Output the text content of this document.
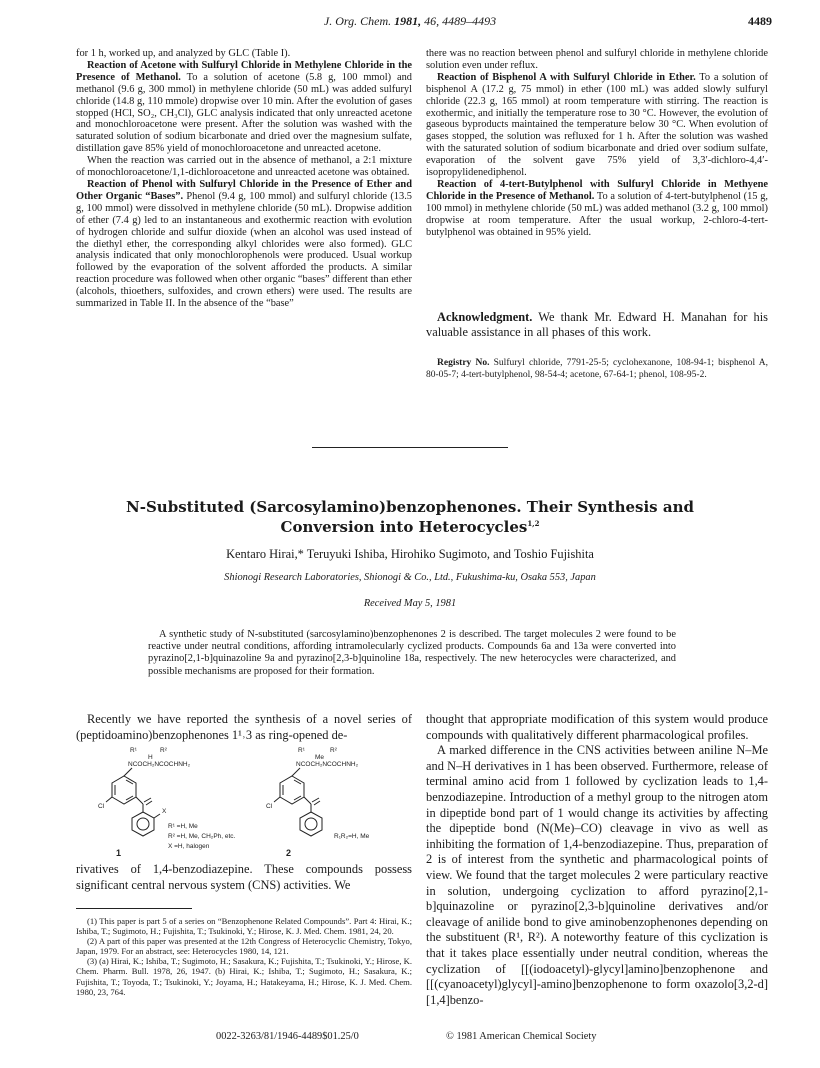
J. Org. Chem. 1981, 46, 4489–4493	4489

for 1 h, worked up, and analyzed by GLC (Table I).

Reaction of Acetone with Sulfuryl Chloride in Methylene Chloride in the Presence of Methanol. To a solution of acetone (5.8 g, 100 mmol) and methanol (9.6 g, 300 mmol) in methylene chloride (50 mL) was added sulfuryl chloride (14.8 g, 110 mmole) dropwise over 10 min. After the evolution of gases stopped (HCl, SO₂, CH₃Cl), GLC analysis indicated that only unreacted acetone and monochloroacetone were present. After the solution was washed with the saturated solution of sodium bicarbonate and dried over the magnesium sulfate, distillation gave 85% yield of monochloroacetone and unreacted acetone.

When the reaction was carried out in the absence of methanol, a 2:1 mixture of monochloroacetone/1,1-dichloroacetone and unreacted acetone was obtained.

Reaction of Phenol with Sulfuryl Chloride in the Presence of Ether and Other Organic “Bases”. Phenol (9.4 g, 100 mmol) and sulfuryl chloride (13.5 g, 100 mmol) were dissolved in methylene chloride (50 mL). Dropwise addition of ether (7.4 g) led to an instantaneous and exothermic reaction with evolution of hydrogen chloride and sulfur dioxide (when an alcohol was used instead of the diethyl ether, the corresponding alkyl chlorides were also formed). GLC analysis indicated that only monochlorophenols were produced. Usual workup followed by the evaporation of the solvent afforded the products. A similar reaction procedure was followed when other organic “bases” different than ether (alcohols, thioethers, sulfoxides, and crown ethers) were used. The results are summarized in Table II. In the absence of the “base”

there was no reaction between phenol and sulfuryl chloride in methylene chloride solution even under reflux.

Reaction of Bisphenol A with Sulfuryl Chloride in Ether. To a solution of bisphenol A (17.2 g, 75 mmol) in ether (100 mL) was added slowly sulfuryl chloride (22.3 g, 165 mmol) at room temperature with stirring. The reaction is exothermic, and initially the temperature rose to 30 °C. However, the evolution of gaseous byproducts maintained the temperature below 30 °C. When evolution of gases stopped, the solution was refluxed for 1 h. After the solution was washed with the saturated solution of sodium bicarbonate and dried over sodium sulfate, evaporation of the solvent gave 75% yield of 3,3′-dichloro-4,4′-isopropylidenediphenol.

Reaction of 4-tert-Butylphenol with Sulfuryl Chloride in Methyene Chloride in the Presence of Methanol. To a solution of 4-tert-butylphenol (15 g, 100 mmol) in methylene chloride (50 mL) was added methanol (3.2 g, 100 mmol) dropwise at room temperature. After the usual workup, 2-chloro-4-tert-butylphenol was obtained in 95% yield.

Acknowledgment. We thank Mr. Edward H. Manahan for his valuable assistance in all phases of this work.
Registry No. Sulfuryl chloride, 7791-25-5; cyclohexanone, 108-94-1; bisphenol A, 80-05-7; 4-tert-butylphenol, 98-54-4; acetone, 67-64-1; phenol, 108-95-2.
N-Substituted (Sarcosylamino)benzophenones. Their Synthesis and
Conversion into Heterocycles$^{1,2}$
Kentaro Hirai,* Teruyuki Ishiba, Hirohiko Sugimoto, and Toshio Fujishita
Shionogi Research Laboratories, Shionogi & Co., Ltd., Fukushima-ku, Osaka 553, Japan
Received May 5, 1981
A synthetic study of N-substituted (sarcosylamino)benzophenones 2 is described. The target molecules 2 were found to be reactive under neutral conditions, affording intramolecularly cyclized products. Compounds 6a and 13a were converted into pyrazino[2,1-b]quinazoline 9a and pyrazino[2,3-b]quinoline 18a, respectively. The new heterocycles were characterized, and possible mechanisms are proposed for their formation.
Recently we have reported the synthesis of a novel series of (peptidoamino)benzophenones 1¹˒3 as ring-opened de-
R¹
H
R²
NCOCH₂NCOCHNH₂
Cl
X
R¹ =H, Me
R² =H, Me, CH₂Ph, etc.
X =H, halogen
R¹
Me
R²
NCOCH₂NCOCHNH₂
Cl
R₁R₂=H, Me
1	2
rivatives of 1,4-benzodiazepine. These compounds possess significant central nervous system (CNS) activities. We

(1) This paper is part 5 of a series on “Benzophenone Related Compounds”. Part 4: Hirai, K.; Ishiba, T.; Sugimoto, H.; Fujishita, T.; Tsukinoki, Y.; Hirose, K. J. Med. Chem. 1981, 24, 20.

(2) A part of this paper was presented at the 12th Congress of Heterocyclic Chemistry, Tokyo, Japan, 1979. For an abstract, see: Heterocycles 1980, 14, 121.

(3) (a) Hirai, K.; Ishiba, T.; Sugimoto, H.; Sasakura, K.; Fujishita, T.; Tsukinoki, Y.; Hirose, K. Chem. Pharm. Bull. 1978, 26, 1947. (b) Hirai, K.; Ishiba, T.; Sugimoto, H.; Sasakura, K.; Fujishita, T.; Toyoda, T.; Tsukinoki, Y.; Joyama, H.; Hatakeyama, H.; Hirose, K. J. Med. Chem. 1980, 23, 764.

thought that appropriate modification of this system would produce compounds with qualitatively different pharmacological profiles.

A marked difference in the CNS activities between aniline N–Me and N–H derivatives in 1 has been observed. Furthermore, release of terminal amino acid from 1 followed by cyclization leads to 1,4-benzodiazepine. Introduction of a methyl group to the nitrogen atom in dipeptide bond part of 1 would change its activities by affecting the dipeptide bond (N(Me)–CO) cleavage in vivo as well as inhibiting the formation of 1,4-benzodiazepine. Thus, preparation of 2 is of interest from the synthetic and pharmacological points of view. We found that the target molecules 2 were particulary reactive in solution, undergoing cyclization to afford pyrazino[2,1-b]quinazoline or pyrazino[2,3-b]quinoline derivatives and/or cleavage of anilide bond to give aminobenzophenones depending on the substituent (R¹, R²). A noteworthy feature of this cyclization is that it takes place essentially under neutral condition, whereas the cyclization of [[(iodoacetyl)-glycyl]amino]benzophenone and [[(cyanoacetyl)glycyl]-amino]benzophenone to form oxazolo[3,2-d][1,4]benzo-

0022-3263/81/1946-4489$01.25/0	© 1981 American Chemical Society
